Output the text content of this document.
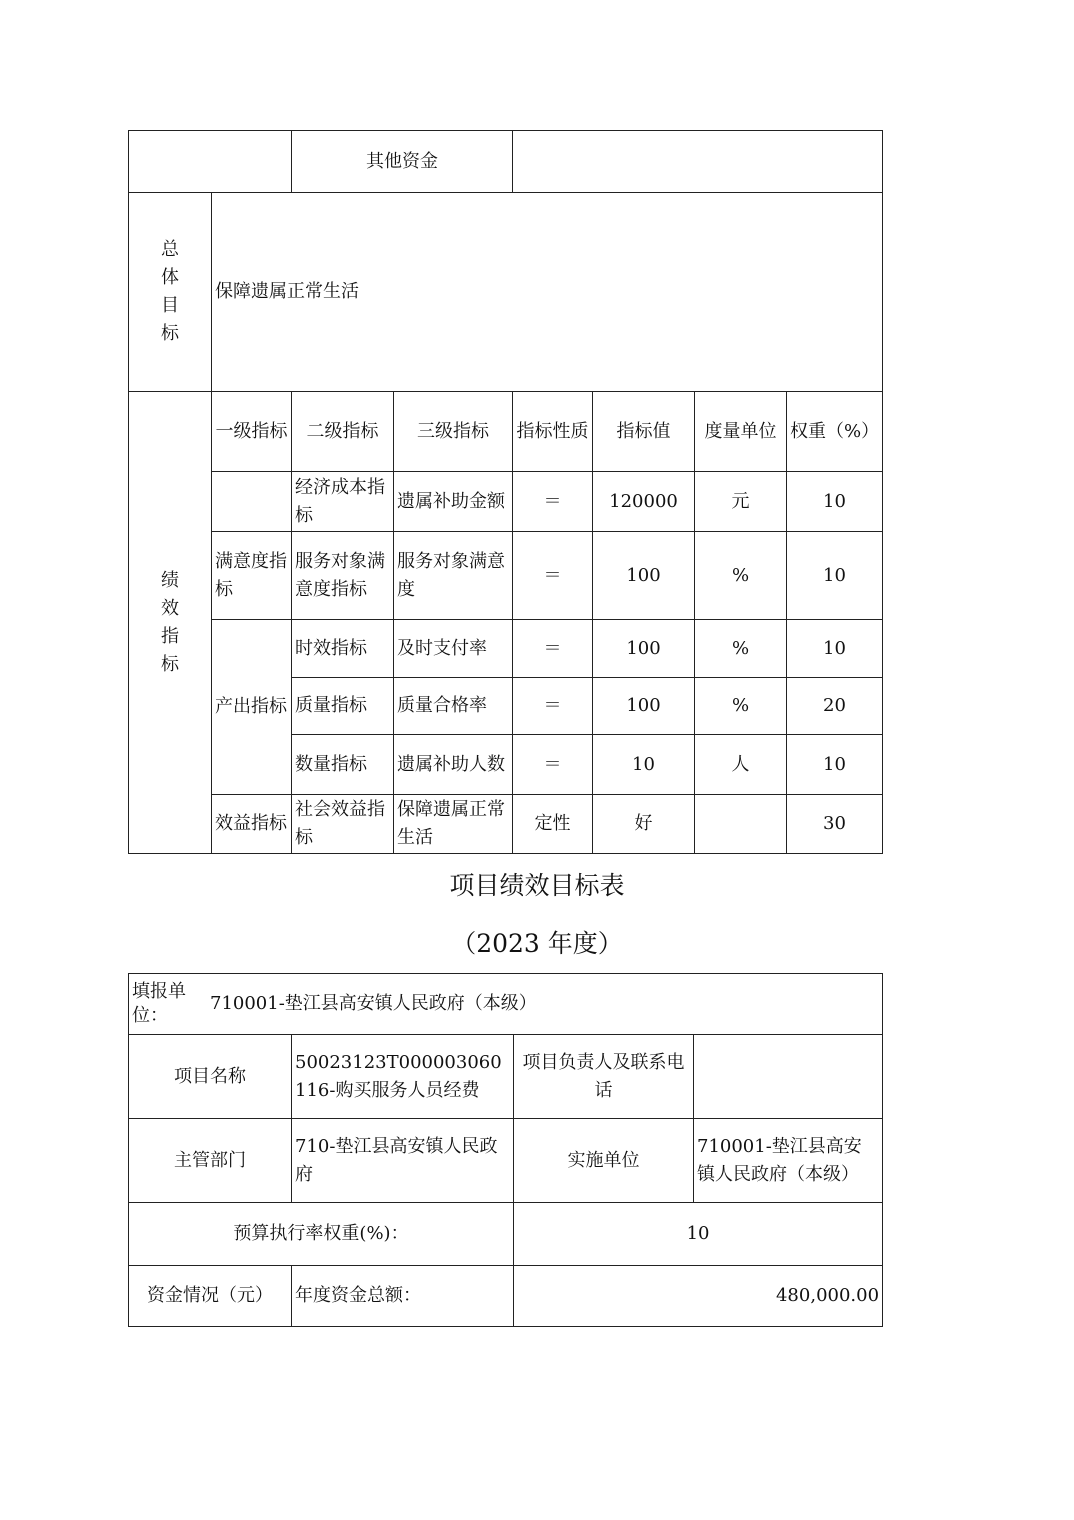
		其他资金					

总体目标	保障遗属正常生活						

绩效指标	一级指标	二级指标	三级指标	指标性质	指标值	度量单位	权重（%）
		经济成本指标	遗属补助金额	＝	120000	元	10
	满意度指标	服务对象满意度指标	服务对象满意度	＝	100	%	10
	产出指标	时效指标	及时支付率	＝	100	%	10
		质量指标	质量合格率	＝	100	%	20
		数量指标	遗属补助人数	＝	10	人	10
	效益指标	社会效益指标	保障遗属正常生活	定性	好		30
项目绩效目标表
（2023 年度）
填报单位：
710001-垫江县高安镇人民政府（本级）			

项目名称	50023123T000003060116-购买服务人员经费	项目负责人及联系电话	
主管部门	710-垫江县高安镇人民政府	实施单位	710001-垫江县高安镇人民政府（本级）
预算执行率权重(%)：		10	
资金情况（元）	年度资金总额：	480,000.00	
